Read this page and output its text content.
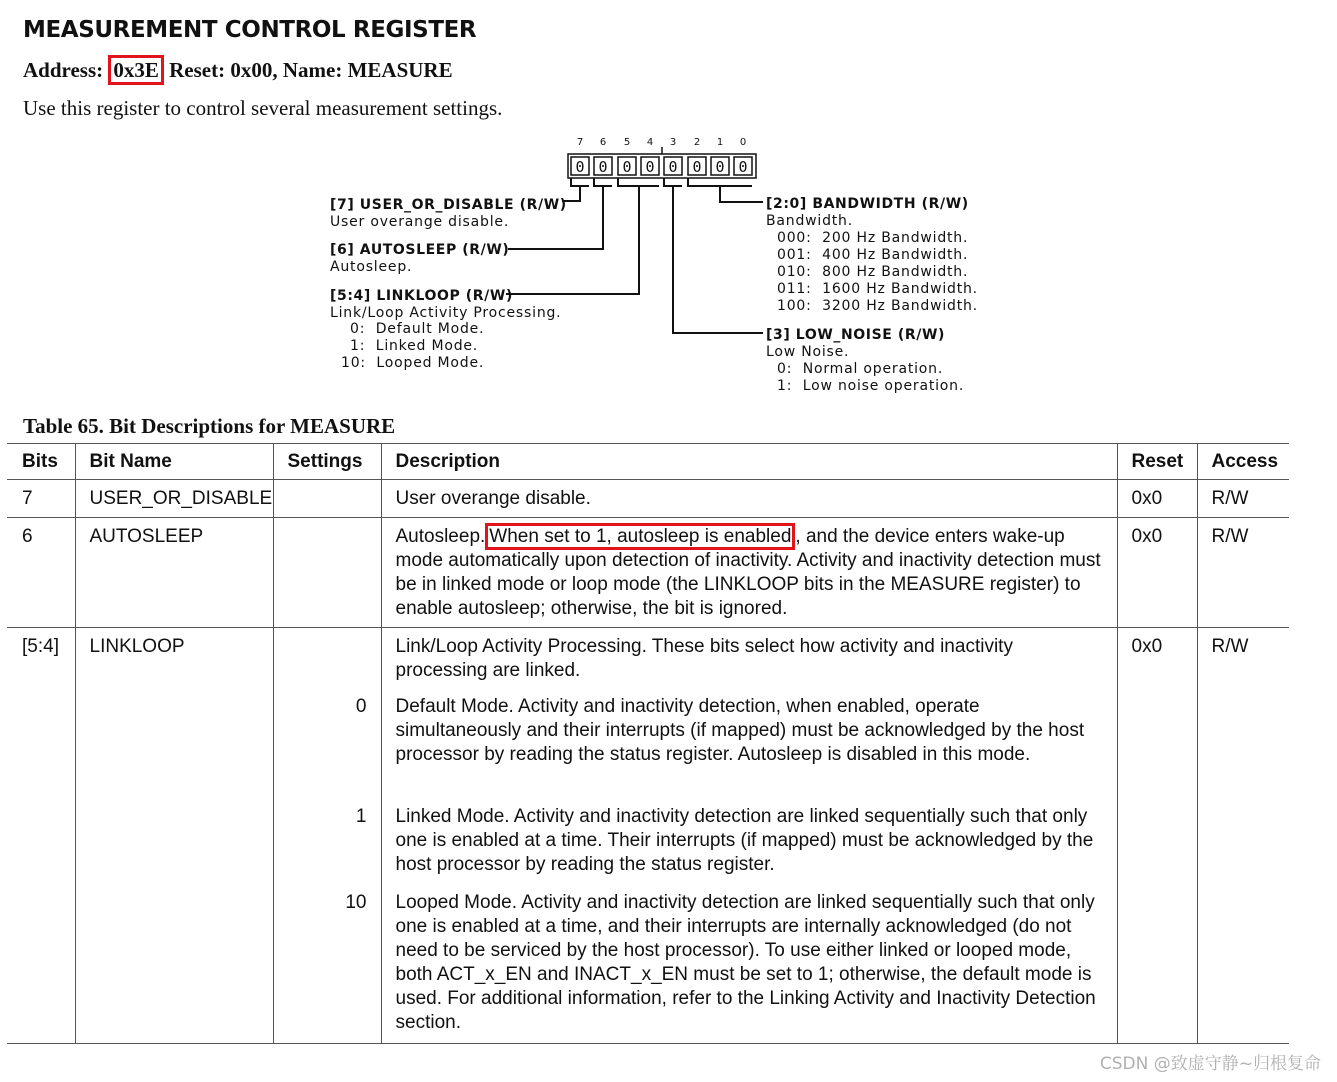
MEASUREMENT CONTROL REGISTER

Address: 0x3E Reset: 0x00, Name: MEASURE

Use this register to control several measurement settings.

7 6 5 4 3 2 1 0
0 0 0 0 0 0 0 0
[7] USER_OR_DISABLE (R/W)
User overange disable.
[6] AUTOSLEEP (R/W)
Autosleep.
[5:4] LINKLOOP (R/W)
Link/Loop Activity Processing.
0:  Default Mode.
1:  Linked Mode.
10:  Looped Mode.
[2:0] BANDWIDTH (R/W)
Bandwidth.
000:  200 Hz Bandwidth.
001:  400 Hz Bandwidth.
010:  800 Hz Bandwidth.
011:  1600 Hz Bandwidth.
100:  3200 Hz Bandwidth.
[3] LOW_NOISE (R/W)
Low Noise.
0:  Normal operation.
1:  Low noise operation.

Table 65. Bit Descriptions for MEASURE

Bits	Bit Name	Settings	Description	Reset	Access
7	USER_OR_DISABLE		User overange disable.	0x0	R/W
6	AUTOSLEEP		Autosleep. When set to 1, autosleep is enabled , and the device enters wake-up mode automatically upon detection of inactivity. Activity and inactivity detection must be in linked mode or loop mode (the LINKLOOP bits in the MEASURE register) to enable autosleep; otherwise, the bit is ignored.	0x0	R/W
[5:4]	LINKLOOP		Link/Loop Activity Processing. These bits select how activity and inactivity processing are linked.	0x0	R/W
		0	Default Mode. Activity and inactivity detection, when enabled, operate simultaneously and their interrupts (if mapped) must be acknowledged by the host processor by reading the status register. Autosleep is disabled in this mode.		
		1	Linked Mode. Activity and inactivity detection are linked sequentially such that only one is enabled at a time. Their interrupts (if mapped) must be acknowledged by the host processor by reading the status register.		
		10	Looped Mode. Activity and inactivity detection are linked sequentially such that only one is enabled at a time, and their interrupts are internally acknowledged (do not need to be serviced by the host processor). To use either linked or looped mode, both ACT_x_EN and INACT_x_EN must be set to 1; otherwise, the default mode is used. For additional information, refer to the Linking Activity and Inactivity Detection section.		
CSDN @致虚守静~归根复命
